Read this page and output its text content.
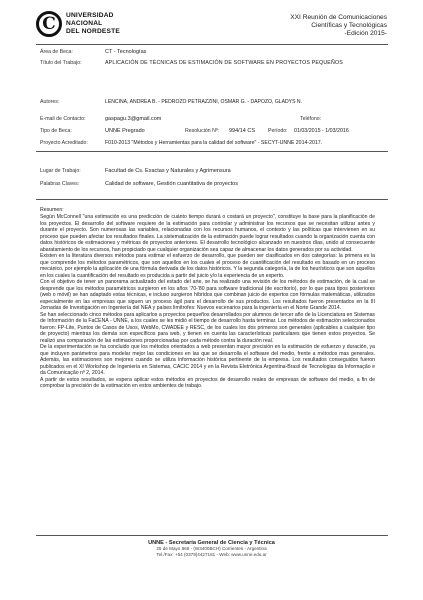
C UNIVERSIDAD
NACIONAL
DEL NORDESTE
XXI Reunión de Comunicaciones
Científicas y Tecnológicas
-Edición 2015-
Área de Beca:	CT - Tecnologías
Título del Trabajo:	APLICACIÓN DE TÉCNICAS DE ESTIMACIÓN DE SOFTWARE EN PROYECTOS PEQUEÑOS
Autores:	LENCINA, ANDREA B. - PEDROZO PETRAZZINI, OSMAR G. - DAPOZO, GLADYS N.
E-mail de Contacto:	gaspagu.3@gmail.com	Teléfono:
Tipo de Beca:	UNNE Pregrado	Resolución Nº: 994/14 CS	Período: 01/03/2015 - 1/03/2016
Proyecto Acreditado:	F010-2013 "Métodos y Herramientas para la calidad del software" - SECYT-UNNE 2014-2017.
Lugar de Trabajo:	Facultad de Cs. Exactas y Naturales y Agrimensura
Palabras Claves:	Calidad de software, Gestión cuantitativa de proyectos
Resumen:

Según McConnell "una estimación es una predicción de cuánto tiempo durará o costará un proyecto", constituye la base para la planificación de los proyectos. El desarrollo del software requiere de la estimación para controlar y administrar los recursos que se necesitan utilizar antes y durante el proyecto. Son numerosas las variables, relacionadas con los recursos humanos, el contexto y las políticas que intervienen en su proceso que pueden afectar los resultados finales. La sistematización de la estimación puede lograr resultados cuando la organización cuenta con datos históricos de estimaciones y métricas de proyectos anteriores. El desarrollo tecnológico alcanzado en nuestros días, unido al consecuente abaratamiento de los recursos, han propiciado que cualquier organización sea capaz de almacenar los datos generados por su actividad.

Existen en la literatura diversos métodos para estimar el esfuerzo de desarrollo, que pueden ser clasificados en dos categorías: la primera es la que comprende los métodos paramétricos, que son aquellos en los cuales el proceso de cuantificación del resultado es basado en un proceso mecánico, por ejemplo la aplicación de una fórmula derivada de los datos históricos. Y la segunda categoría, la de los heurísticos que son aquellos en los cuales la cuantificación del resultado es producida a partir del juicio y/o la experiencia de un experto.

Con el objetivo de tener un panorama actualizado del estado del arte, se ha realizado una revisión de los métodos de estimación, de la cual se desprende que los métodos paramétricos surgieron en los años '70-'80 para software tradicional (de escritorio), por lo que para tipos posteriores (web o móvil) se han adaptado estas técnicas, e incluso surgieron híbridos que combinan juicio de expertos con fórmulas matemáticas, utilizados especialmente en las empresas que siguen un proceso ágil para el desarrollo de sus productos. Los resultados fueron presentados en la III Jornadas de Investigación en Ingeniería del NEA y países limítrofes: Nuevos escenarios para la ingeniería en el Norte Grande 2014.

Se han seleccionado cinco métodos para aplicarlos a proyectos pequeños desarrollados por alumnos de tercer año de la Licenciatura en Sistemas de Información de la FaCENA - UNNE, a los cuales se les midió el tiempo de desarrollo hasta terminar. Los métodos de estimación seleccionados fueron: FP-Lite, Puntos de Casos de Usos, WebMo, CWADEE y RESC, de los cuales los dos primeros son generales (aplicables a cualquier tipo de proyecto) mientras los demás son específicos para web, y tienen en cuenta las características particulares que tienen estos proyectos. Se realizó una comparación de las estimaciones proporcionadas por cada método contra la duración real.

De la experimentación se ha concluido que los métodos orientados a web presentan mayor precisión en la estimación de esfuerzo y duración, ya que incluyen parámetros para modelar mejor las condiciones en las que se desarrolla el software del medio, frente a métodos mas generales. Además, las estimaciones son mejores cuando se utiliza información histórica pertinente de la empresa. Los resultados conseguidos fueron publicados en el XI Workshop de Ingeniería en Sistemas, CACIC 2014 y en la Revista Eletrônica Argentina-Brasil de Tecnologias da Informação e da Comunicação nº 2, 2014.

A partir de estos resultados, se espera aplicar estos métodos en proyectos de desarrollo reales de empresas de software del medio, a fin de comprobar la precisión de la estimación en estos ambientes de trabajo.

UNNE - Secretaría General de Ciencia y Técnica
25 de Mayo 868 - (W3400BCH) Corrientes - Argentina
Tel./Fax: +54 (0379)4427181 - Web: www.unne.edu.ar
